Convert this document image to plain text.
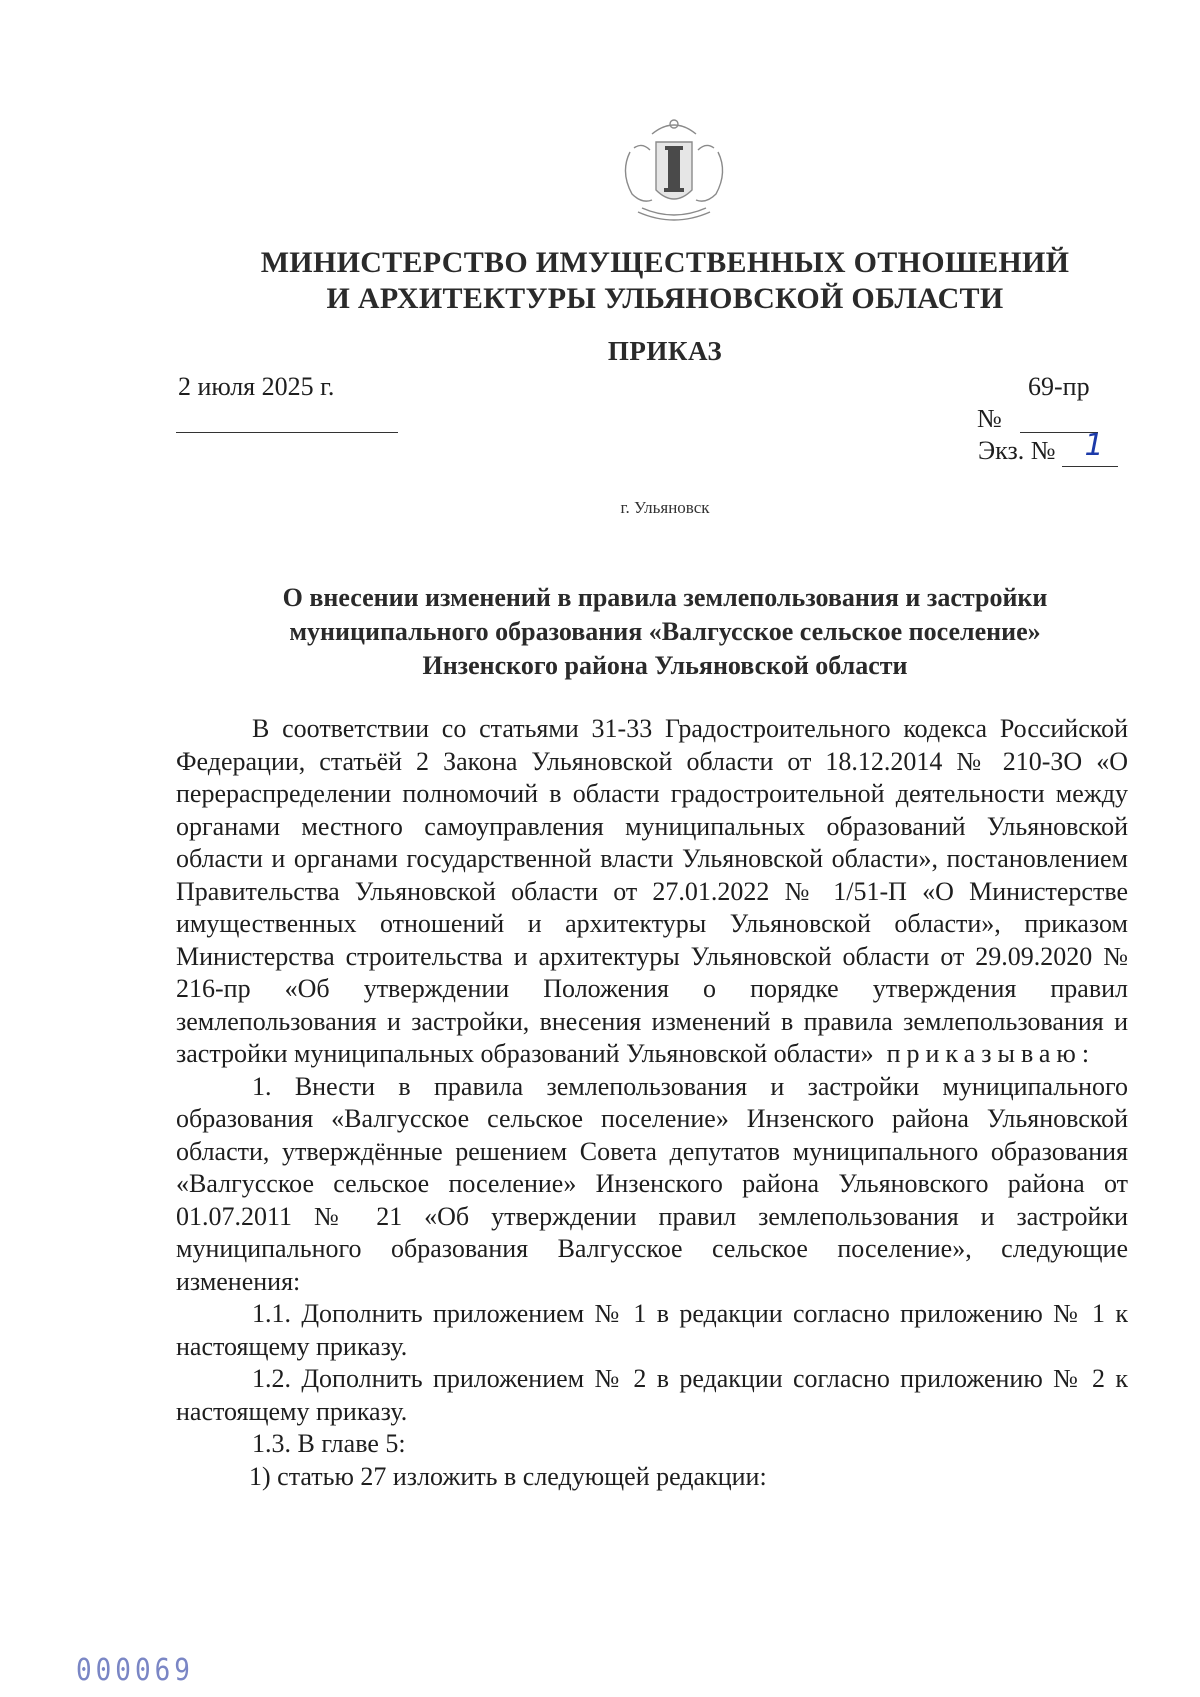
МИНИСТЕРСТВО ИМУЩЕСТВЕННЫХ ОТНОШЕНИЙ
И АРХИТЕКТУРЫ УЛЬЯНОВСКОЙ ОБЛАСТИ
ПРИКАЗ
2 июля 2025 г.	69-пр
№
Экз. № 1
г. Ульяновск
О внесении изменений в правила землепользования и застройки
муниципального образования «Валгусское сельское поселение»
Инзенского района Ульяновской области

В соответствии со статьями 31-33 Градостроительного кодекса Российской Федерации, статьёй 2 Закона Ульяновской области от 18.12.2014 № 210-ЗО «О перераспределении полномочий в области градостроительной деятельности между органами местного самоуправления муниципальных образований Ульяновской области и органами государственной власти Ульяновской области», постановлением Правительства Ульяновской области от 27.01.2022 № 1/51-П «О Министерстве имущественных отношений и архитектуры Ульяновской области», приказом Министерства строительства и архитектуры Ульяновской области от 29.09.2020 № 216-пр «Об утверждении Положения о порядке утверждения правил землепользования и застройки, внесения изменений в правила землепользования и застройки муниципальных образований Ульяновской области» приказываю:

1. Внести в правила землепользования и застройки муниципального образования «Валгусское сельское поселение» Инзенского района Ульяновской области, утверждённые решением Совета депутатов муниципального образования «Валгусское сельское поселение» Инзенского района Ульяновского района от 01.07.2011 № 21 «Об утверждении правил землепользования и застройки муниципального образования Валгусское сельское поселение», следующие изменения:

1.1. Дополнить приложением № 1 в редакции согласно приложению № 1 к настоящему приказу.

1.2. Дополнить приложением № 2 в редакции согласно приложению № 2 к настоящему приказу.

1.3. В главе 5:

1) статью 27 изложить в следующей редакции:

000069
